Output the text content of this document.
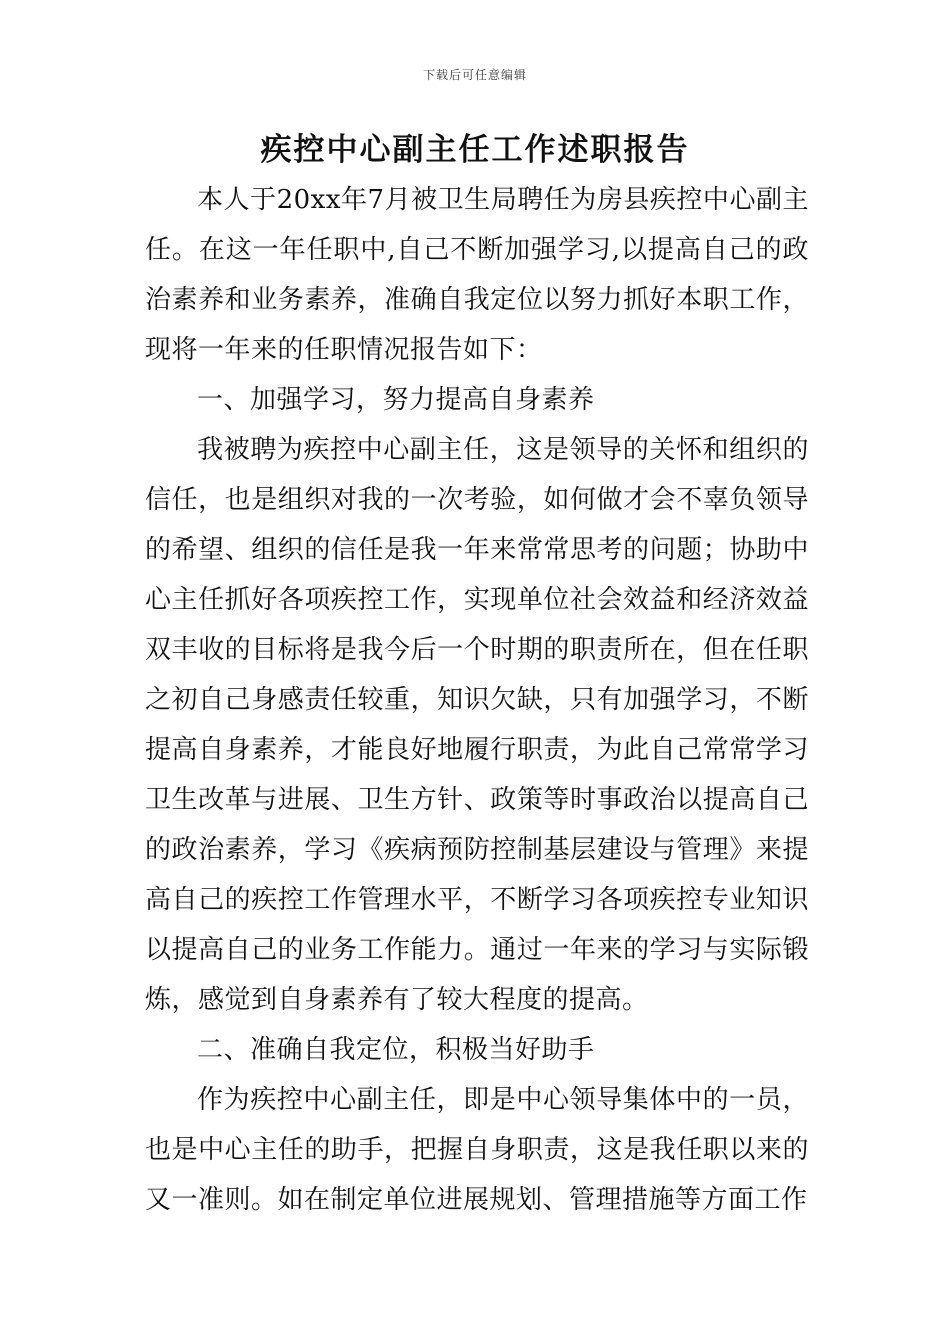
下载后可任意编辑
疾控中心副主任工作述职报告

本人于20xx年7月被卫生局聘任为房县疾控中心副主任。在这一年任职中,自己不断加强学习,以提高自己的政治素养和业务素养，准确自我定位以努力抓好本职工作，现将一年来的任职情况报告如下：

一、加强学习，努力提高自身素养

我被聘为疾控中心副主任，这是领导的关怀和组织的信任，也是组织对我的一次考验，如何做才会不辜负领导的希望、组织的信任是我一年来常常思考的问题；协助中心主任抓好各项疾控工作，实现单位社会效益和经济效益双丰收的目标将是我今后一个时期的职责所在，但在任职之初自己身感责任较重，知识欠缺，只有加强学习，不断提高自身素养，才能良好地履行职责，为此自己常常学习卫生改革与进展、卫生方针、政策等时事政治以提高自己的政治素养，学习《疾病预防控制基层建设与管理》来提高自己的疾控工作管理水平，不断学习各项疾控专业知识以提高自己的业务工作能力。通过一年来的学习与实际锻炼，感觉到自身素养有了较大程度的提高。

二、准确自我定位，积极当好助手

作为疾控中心副主任，即是中心领导集体中的一员，也是中心主任的助手，把握自身职责，这是我任职以来的又一准则。如在制定单位进展规划、管理措施等方面工作
